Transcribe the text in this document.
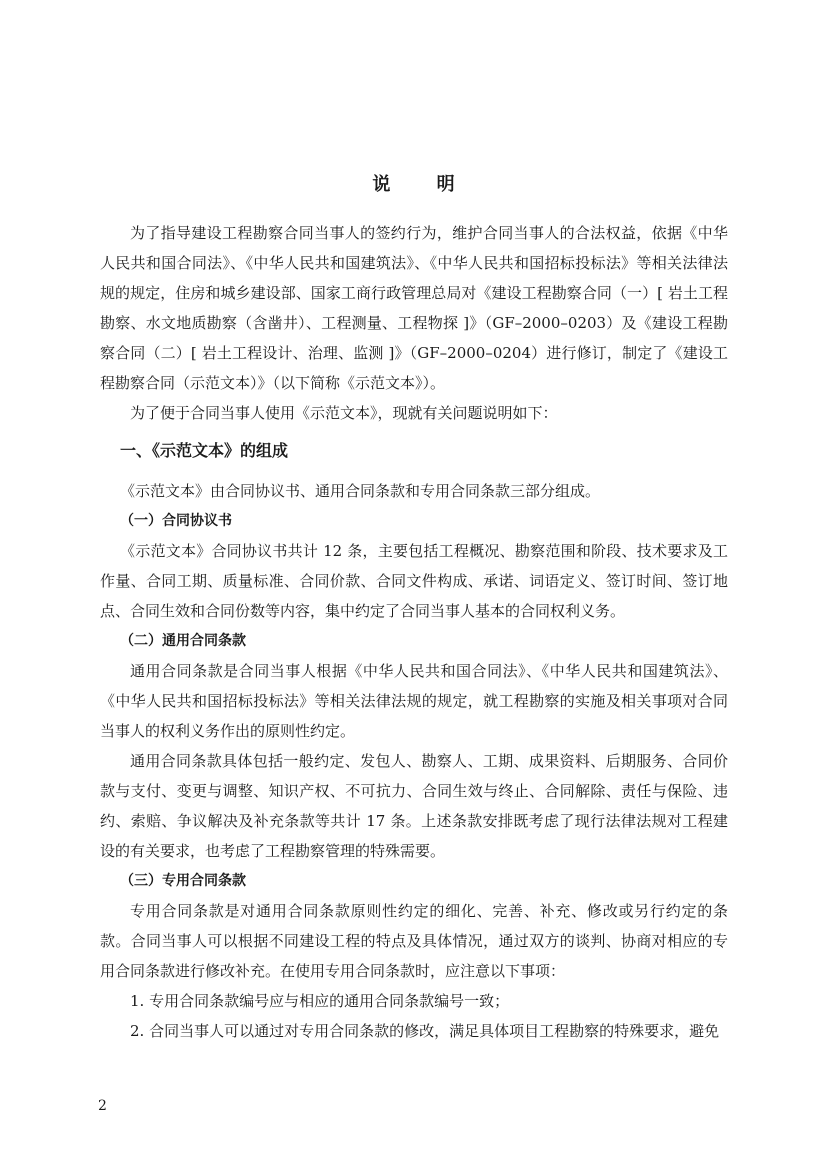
说 明

为了指导建设工程勘察合同当事人的签约行为，维护合同当事人的合法权益，依据《中华人民共和国合同法》、《中华人民共和国建筑法》、《中华人民共和国招标投标法》等相关法律法规的规定，住房和城乡建设部、国家工商行政管理总局对《建设工程勘察合同（一）[ 岩土工程勘察、水文地质勘察（含凿井）、工程测量、工程物探 ]》（GF–2000–0203）及《建设工程勘察合同（二）[ 岩土工程设计、治理、监测 ]》（GF–2000–0204）进行修订，制定了《建设工程勘察合同（示范文本）》（以下简称《示范文本》）。

为了便于合同当事人使用《示范文本》，现就有关问题说明如下：

一、《示范文本》的组成

《示范文本》由合同协议书、通用合同条款和专用合同条款三部分组成。

（一）合同协议书

《示范文本》合同协议书共计 12 条，主要包括工程概况、勘察范围和阶段、技术要求及工作量、合同工期、质量标准、合同价款、合同文件构成、承诺、词语定义、签订时间、签订地点、合同生效和合同份数等内容，集中约定了合同当事人基本的合同权利义务。

（二）通用合同条款

通用合同条款是合同当事人根据《中华人民共和国合同法》、《中华人民共和国建筑法》、《中华人民共和国招标投标法》等相关法律法规的规定，就工程勘察的实施及相关事项对合同当事人的权利义务作出的原则性约定。

通用合同条款具体包括一般约定、发包人、勘察人、工期、成果资料、后期服务、合同价款与支付、变更与调整、知识产权、不可抗力、合同生效与终止、合同解除、责任与保险、违约、索赔、争议解决及补充条款等共计 17 条。上述条款安排既考虑了现行法律法规对工程建设的有关要求，也考虑了工程勘察管理的特殊需要。

（三）专用合同条款

专用合同条款是对通用合同条款原则性约定的细化、完善、补充、修改或另行约定的条款。合同当事人可以根据不同建设工程的特点及具体情况，通过双方的谈判、协商对相应的专用合同条款进行修改补充。在使用专用合同条款时，应注意以下事项：

1. 专用合同条款编号应与相应的通用合同条款编号一致；

2. 合同当事人可以通过对专用合同条款的修改，满足具体项目工程勘察的特殊要求，避免

2
